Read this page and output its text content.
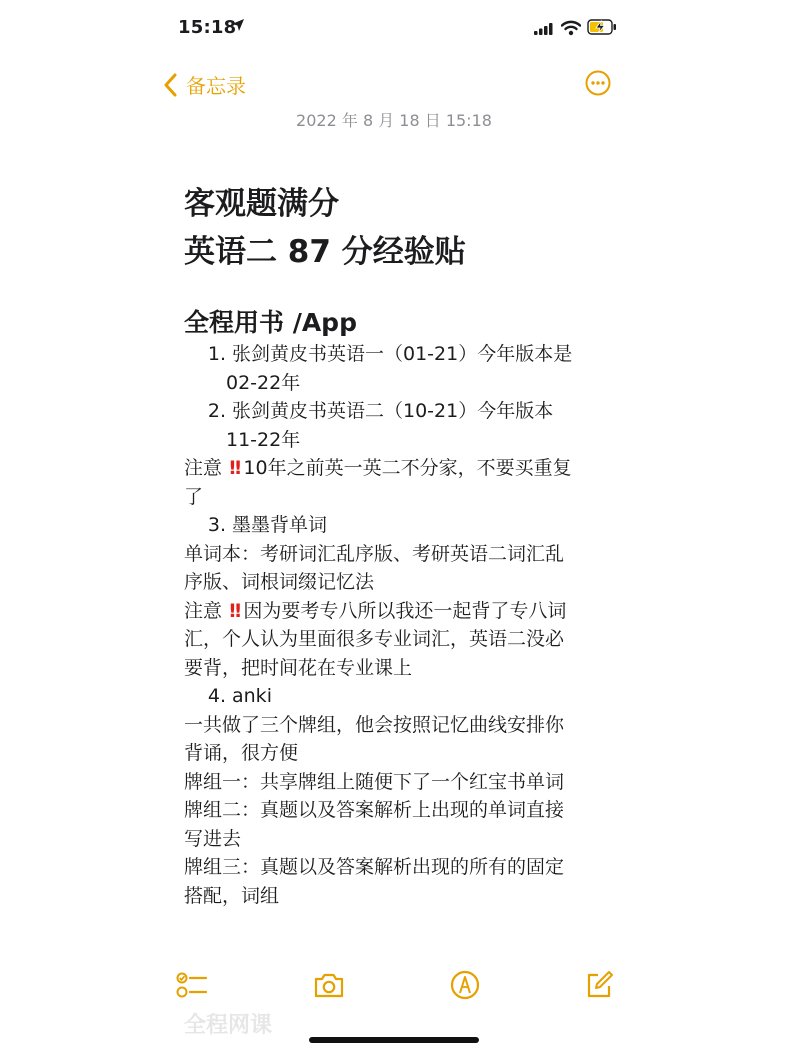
15:18
备忘录
2022 年 8 月 18 日 15:18
客观题满分
英语二 87 分经验贴
全程用书 /App

1. 张剑黄皮书英语一（01-21）今年版本是

02-22年

2. 张剑黄皮书英语二（10-21）今年版本

11-22年

注意 !! 10年之前英一英二不分家，不要买重复

了

3. 墨墨背单词

单词本：考研词汇乱序版、考研英语二词汇乱

序版、词根词缀记忆法

注意 !! 因为要考专八所以我还一起背了专八词

汇，个人认为里面很多专业词汇，英语二没必

要背，把时间花在专业课上

4. anki

一共做了三个牌组，他会按照记忆曲线安排你

背诵，很方便

牌组一：共享牌组上随便下了一个红宝书单词

牌组二：真题以及答案解析上出现的单词直接

写进去

牌组三：真题以及答案解析出现的所有的固定

搭配，词组

全程网课
